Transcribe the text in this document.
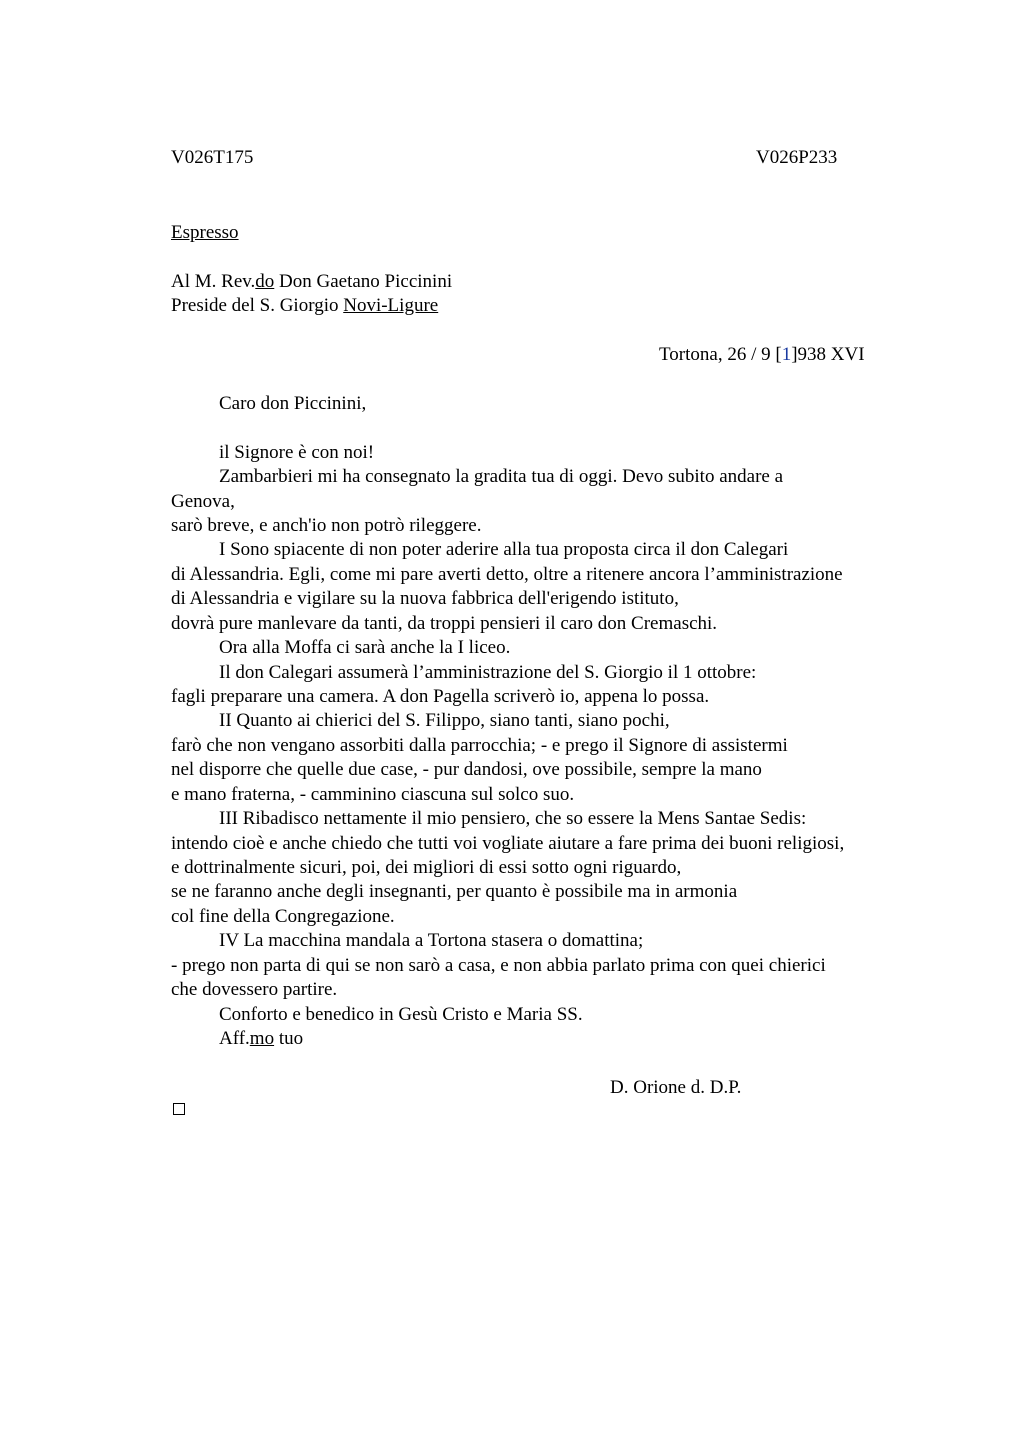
V026T175	V026P233
Espresso
Al M. Rev.do Don Gaetano Piccinini
Preside del S. Giorgio Novi-Ligure
Tortona, 26 / 9 [1]938 XVI
Caro don Piccinini,
il Signore è con noi!
Zambarbieri mi ha consegnato la gradita tua di oggi. Devo subito andare a
Genova,
sarò breve, e anch'io non potrò rileggere.
I Sono spiacente di non poter aderire alla tua proposta circa il don Calegari
di Alessandria. Egli, come mi pare averti detto, oltre a ritenere ancora l’amministrazione
di Alessandria e vigilare su la nuova fabbrica dell'erigendo istituto,
dovrà pure manlevare da tanti, da troppi pensieri il caro don Cremaschi.
Ora alla Moffa ci sarà anche la I liceo.
Il don Calegari assumerà l’amministrazione del S. Giorgio il 1 ottobre:
fagli preparare una camera. A don Pagella scriverò io, appena lo possa.
II Quanto ai chierici del S. Filippo, siano tanti, siano pochi,
farò che non vengano assorbiti dalla parrocchia; - e prego il Signore di assistermi
nel disporre che quelle due case, - pur dandosi, ove possibile, sempre la mano
e mano fraterna, - camminino ciascuna sul solco suo.
III Ribadisco nettamente il mio pensiero, che so essere la Mens Santae Sedis:
intendo cioè e anche chiedo che tutti voi vogliate aiutare a fare prima dei buoni religiosi,
e dottrinalmente sicuri, poi, dei migliori di essi sotto ogni riguardo,
se ne faranno anche degli insegnanti, per quanto è possibile ma in armonia
col fine della Congregazione.
IV La macchina mandala a Tortona stasera o domattina;
- prego non parta di qui se non sarò a casa, e non abbia parlato prima con quei chierici
che dovessero partire.
Conforto e benedico in Gesù Cristo e Maria SS.
Aff.mo tuo
D. Orione d. D.P.
